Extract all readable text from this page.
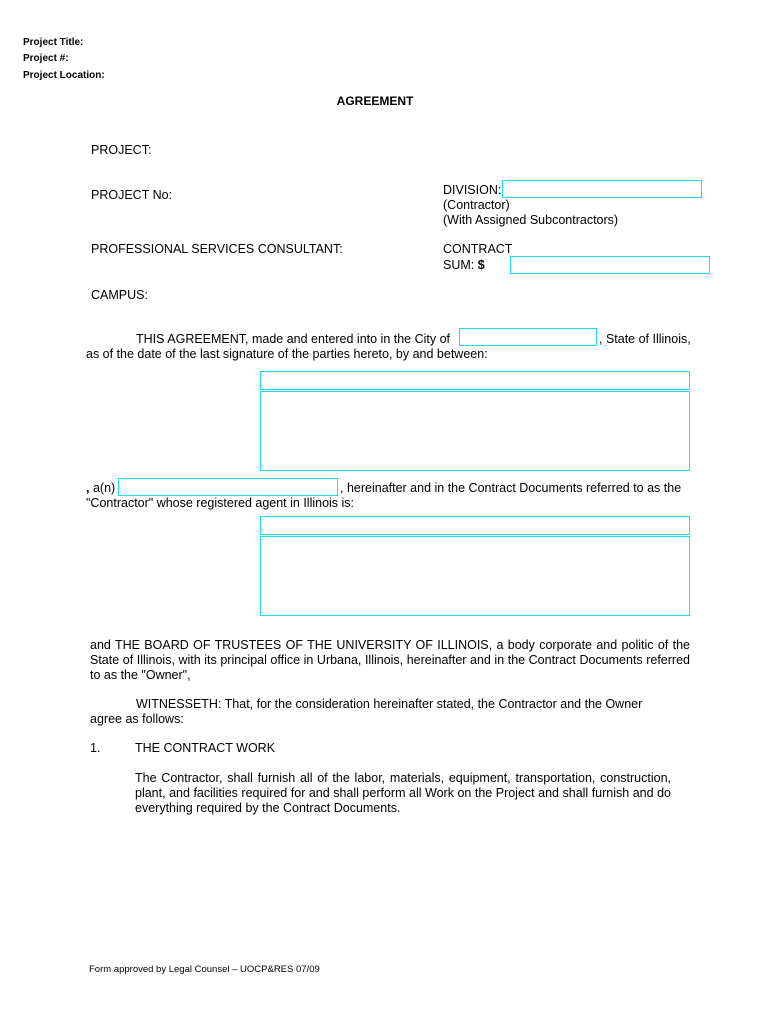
Project Title:
Project #:
Project Location:
AGREEMENT
PROJECT:
PROJECT No:
PROFESSIONAL SERVICES CONSULTANT:
CAMPUS:
DIVISION:
(Contractor)
(With Assigned Subcontractors)
CONTRACT
SUM: $
THIS AGREEMENT, made and entered into in the City of	, State of Illinois,
as of the date of the last signature of the parties hereto, by and between:
, a(n)	, hereinafter and in the Contract Documents referred to as the
"Contractor" whose registered agent in Illinois is:
and THE BOARD OF TRUSTEES OF THE UNIVERSITY OF ILLINOIS, a body corporate and politic of the State of Illinois, with its principal office in Urbana, Illinois, hereinafter and in the Contract Documents referred to as the "Owner",
WITNESSETH: That, for the consideration hereinafter stated, the Contractor and the Owner
agree as follows:
1.	THE CONTRACT WORK
The Contractor, shall furnish all of the labor, materials, equipment, transportation, construction, plant, and facilities required for and shall perform all Work on the Project and shall furnish and do everything required by the Contract Documents.
Form approved by Legal Counsel – UOCP&RES 07/09
